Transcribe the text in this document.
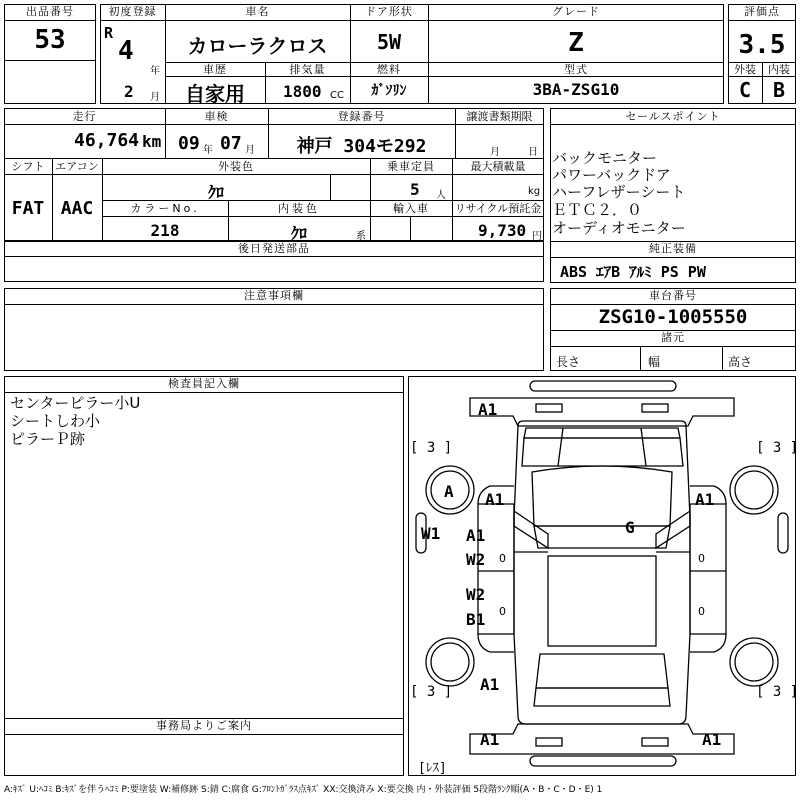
出品番号
53
初度登録
R
4
年
2 月
車名
カローラクロス
車歴
自家用
排気量
1800 CC
ドア形状
5W
燃料
ｶﾞｿﾘﾝ
グレード
Z
型式
3BA-ZSG10
評価点
3.5
外装	内装
C	B
走行
46,764 km
車検
09 年 07 月
登録番号
神戸 304モ292
譲渡書類期限
月	日
シフト
FAT
エアコン
AAC
外装色
ｸﾛ
乗車定員
5 人
最大積載量
kg
カラーNo.
218
内装色
ｸﾛ	系
輸入車	リサイクル預託金
9,730 円
後日発送部品
注意事項欄
検査員記入欄
センターピラー小U
シートしわ小
ピラーＰ跡
事務局よりご案内
セールスポイント
バックモニター
パワーバックドア
ハーフレザーシート
ＥＴＣ２．０
オーディオモニター
純正装備
ABS ｴｱB ｱﾙﾐ PS PW
車台番号
ZSG10-1005550
諸元
長さ	幅	高さ
A1
A1	A1
A1
W1
W2
W2
B1
A1
A1	A1
G
A
[ 3 ]	[ 3 ]
[ 3 ]	[ 3 ]
[ﾚｽ]
0	0
0	0
A:ｷｽﾞ U:ﾍｺﾐ B:ｷｽﾞを伴うﾍｺﾐ P:要塗装 W:補修跡 S:錆 C:腐食 G:ﾌﾛﾝﾄｶﾞﾗｽ点ｷｽﾞ XX:交換済み X:要交換 内・外装評価 5段階ﾗﾝｸ順(A・B・C・D・E) 1
